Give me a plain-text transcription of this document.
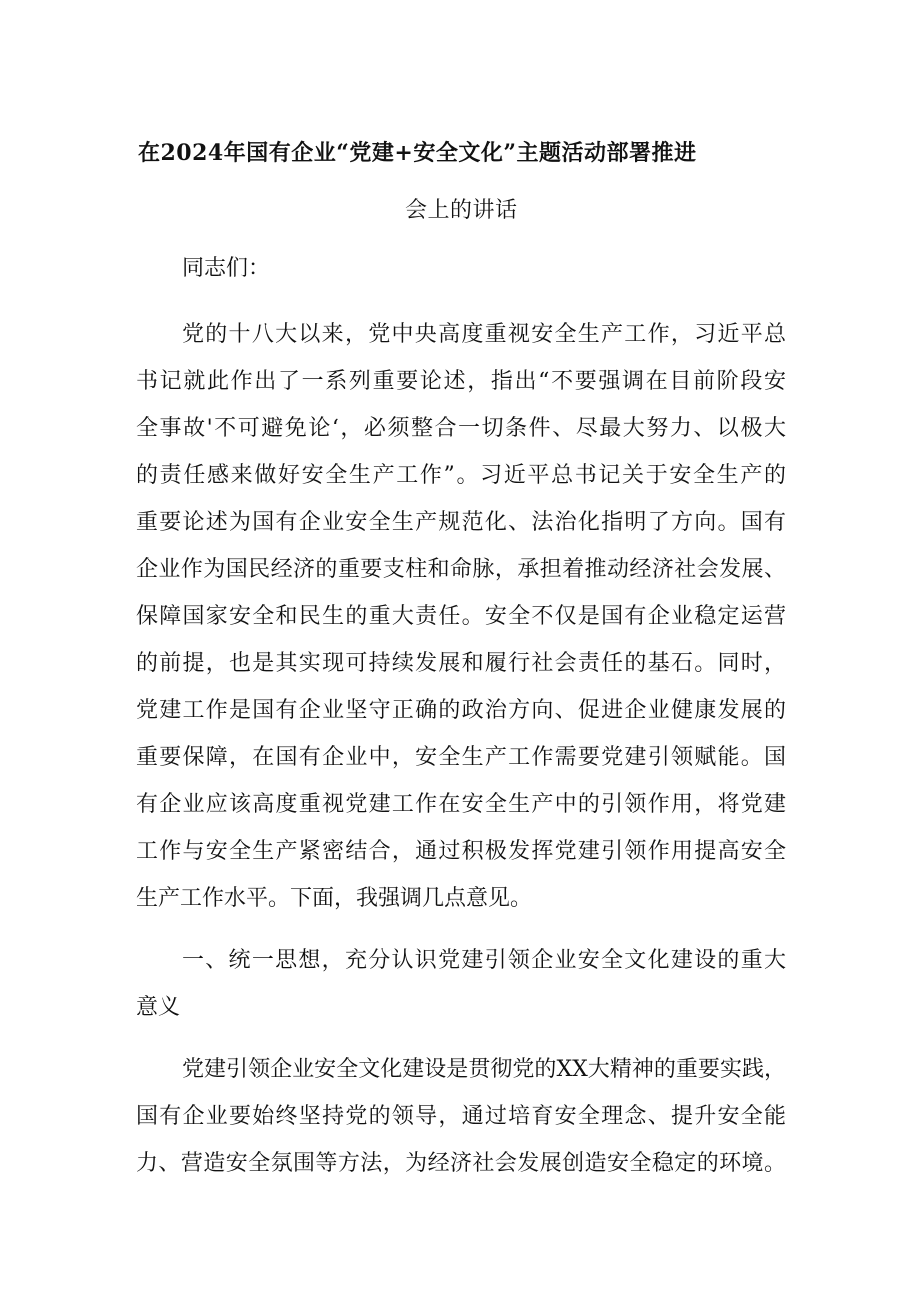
在2024年国有企业“党建+安全文化”主题活动部署推进
会上的讲话
同志们：
党的十八大以来，党中央高度重视安全生产工作，习近平总
书记就此作出了一系列重要论述，指出“不要强调在目前阶段安
全事故'不可避免论‘，必须整合一切条件、尽最大努力、以极大
的责任感来做好安全生产工作”。习近平总书记关于安全生产的
重要论述为国有企业安全生产规范化、法治化指明了方向。国有
企业作为国民经济的重要支柱和命脉，承担着推动经济社会发展、
保障国家安全和民生的重大责任。安全不仅是国有企业稳定运营
的前提，也是其实现可持续发展和履行社会责任的基石。同时，
党建工作是国有企业坚守正确的政治方向、促进企业健康发展的
重要保障，在国有企业中，安全生产工作需要党建引领赋能。国
有企业应该高度重视党建工作在安全生产中的引领作用，将党建
工作与安全生产紧密结合，通过积极发挥党建引领作用提高安全
生产工作水平。下面，我强调几点意见。
一、统一思想，充分认识党建引领企业安全文化建设的重大
意义
党建引领企业安全文化建设是贯彻党的XX大精神的重要实践，
国有企业要始终坚持党的领导，通过培育安全理念、提升安全能
力、营造安全氛围等方法，为经济社会发展创造安全稳定的环境。
